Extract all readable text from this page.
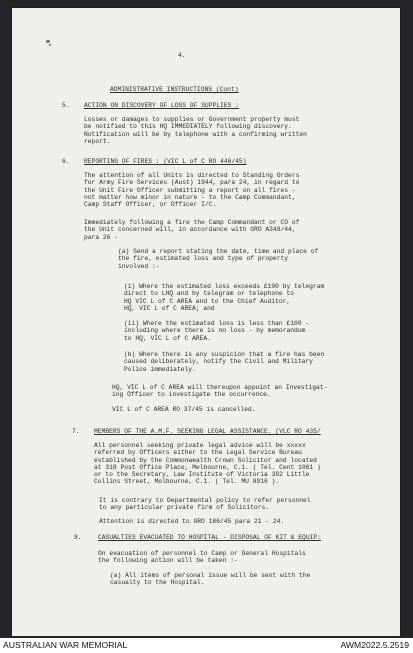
4.
ADMINISTRATIVE INSTRUCTIONS (Cont)
5. ACTION ON DISCOVERY OF LOSS OF SUPPLIES :
Losses or damages to supplies or Government property must
be notified to this HQ IMMEDIATELY following discovery.
Notification will be by telephone with a confirming written
report.
6. REPORTING OF FIRES : (VIC L of C RO 446/45)
The attention of all Units is directed to Standing Orders
for Army Fire Services (Aust) 1944, para 24, in regard to
the Unit Fire Officer submitting a report on all fires -
not matter how minor in nature - to the Camp Commandant,
Camp Staff Officer, or Officer I/C.
Immediately following a fire the Camp Commandant or CO of
the Unit concerned will, in accordance with GRO A348/44,
para 26 -
(a) Send a report stating the date, time and place of
the fire, estimated loss and type of property
involved :-
(i) Where the estimated loss exceeds £100 by telegram
direct to LHQ and by telegram or telephone to
HQ VIC L of C AREA and to the Chief Auditor,
HQ, VIC L of C AREA; and
(ii) Where the estimated loss is less than £100 -
including where there is no loss - by memorandum
to HQ, VIC L of C AREA.
(b) Where there is any suspicion that a fire has been
caused deliberately, notify the Civil and Military
Police immediately.
HQ, VIC L of C AREA will thereupon appoint an Investigat-
ing Officer to investigate the occurrence.
VIC L of C AREA RO 37/45 is cancelled.
7. MEMBERS OF THE A.M.F. SEEKING LEGAL ASSISTANCE. (VLC RO 435/
All personnel seeking private legal advice will be xxxxx
referred by Officers either to the Legal Service Bureau
established by the Commonwealth Crown Solicitor and located
at 318 Post Office Place, Melbourne, C.1. ( Tel. Cent 1061 )
or to the Secretary, Law Institute of Victoria 382 Little
Collins Street, Melbourne, C.1. ( Tel. MU 8916 ).
It is contrary to Departmental policy to refer personnel
to any particular private firm of Solicitors.
Attention is directed to GRO 186/45 para 21 - 24.
8.	CASUALTIES EVACUATED TO HOSPITAL - DISPOSAL OF KIT & EQUIP:
On evacuation of personnel to Camp or General Hospitals
the following action will be taken :-
(a) All items of personal issue will be sent with the
casualty to the Hospital.
AUSTRALIAN WAR MEMORIAL	AWM2022.5.2519
